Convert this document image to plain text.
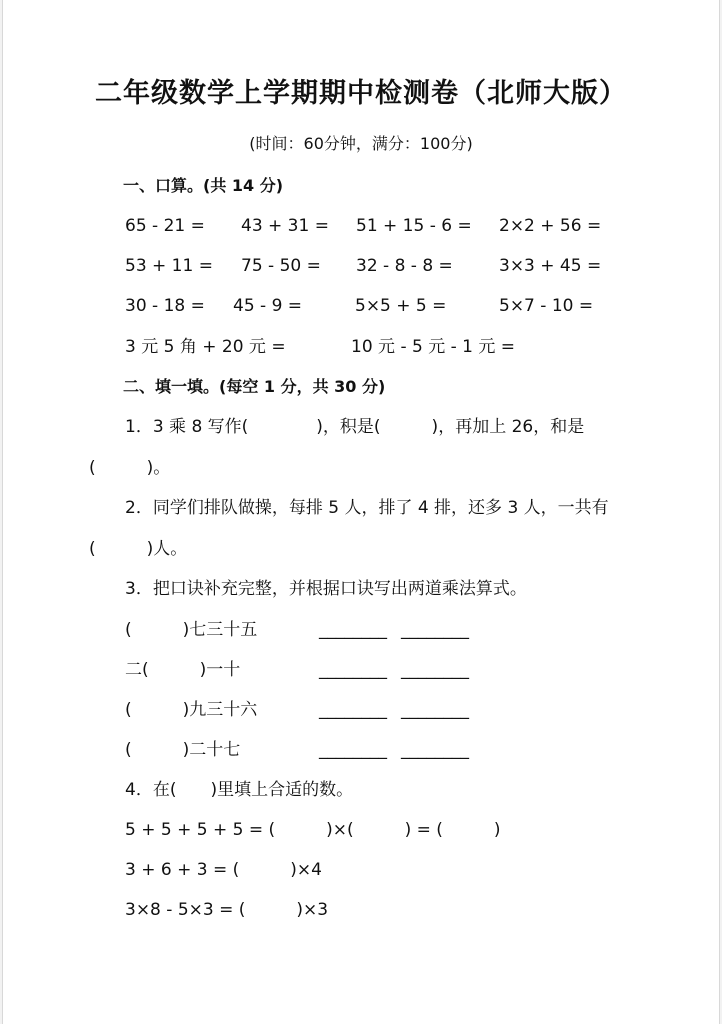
二年级数学上学期期中检测卷（北师大版）
(时间：60分钟，满分：100分)
一、口算。(共 14 分)
65 - 21 = 43 + 31 = 51 + 15 - 6 = 2×2 + 56 =
53 + 11 = 75 - 50 = 32 - 8 - 8 =	3×3 + 45 =
30 - 18 = 45 - 9 =	5×5 + 5 =	5×7 - 10 =
3 元 5 角 + 20 元 =	10 元 - 5 元 - 1 元 =
二、填一填。(每空 1 分，共 30 分)
1．3 乘 8 写作(　　　　)，积是(　　　)，再加上 26，和是
(　　　)。
2．同学们排队做操，每排 5 人，排了 4 排，还多 3 人，一共有
(　　　)人。
3．把口诀补充完整，并根据口诀写出两道乘法算式。
(　　　)七三十五	________ ________
二(　　　)一十	________ ________
(　　　)九三十六	________ ________
(　　　)二十七	________ ________
4．在(　　)里填上合适的数。
5 + 5 + 5 + 5 = (　　　)×(　　　) = (　　　)
3 + 6 + 3 = (　　　)×4
3×8 - 5×3 = (　　　)×3
